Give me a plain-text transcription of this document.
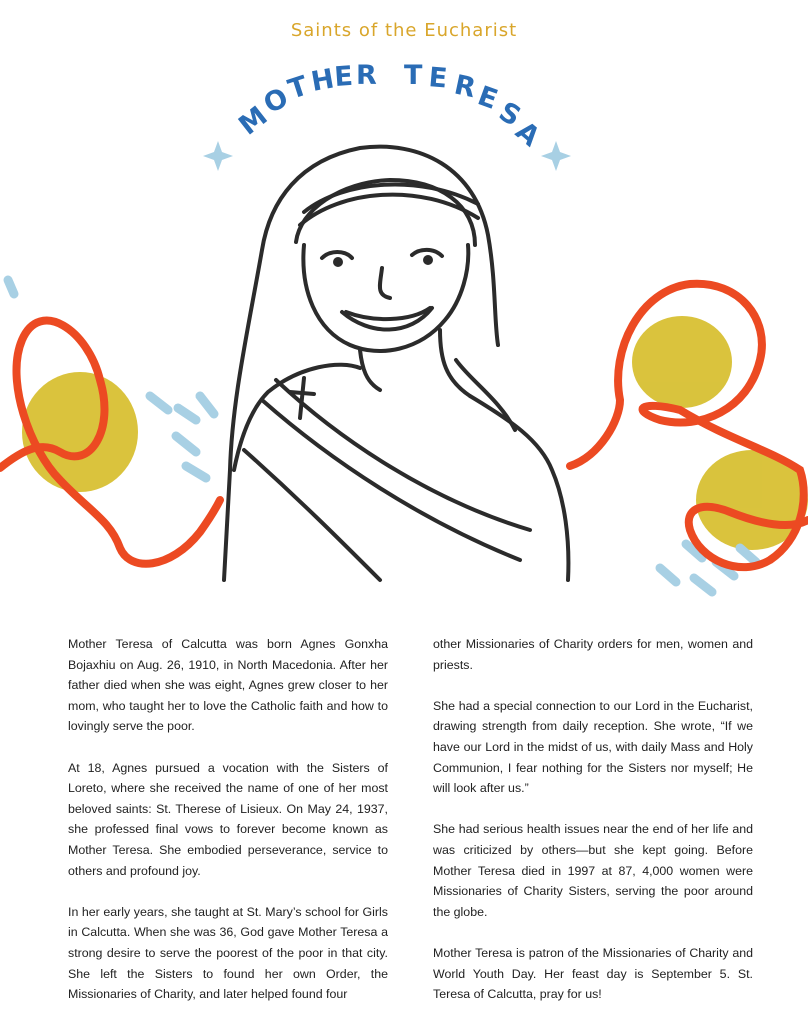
Saints of the Eucharist
M
O
T
H
E R T E R
E
S
A

Mother Teresa of Calcutta was born Agnes Gonxha Bojaxhiu on Aug. 26, 1910, in North Macedonia. After her father died when she was eight, Agnes grew closer to her mom, who taught her to love the Catholic faith and how to lovingly serve the poor.

At 18, Agnes pursued a vocation with the Sisters of Loreto, where she received the name of one of her most beloved saints: St. Therese of Lisieux. On May 24, 1937, she professed final vows to forever become known as Mother Teresa. She embodied perseverance, service to others and profound joy.

In her early years, she taught at St. Mary’s school for Girls in Calcutta. When she was 36, God gave Mother Teresa a strong desire to serve the poorest of the poor in that city. She left the Sisters to found her own Order, the Missionaries of Charity, and later helped found four

other Missionaries of Charity orders for men, women and priests.

She had a special connection to our Lord in the Eucharist, drawing strength from daily reception. She wrote, “If we have our Lord in the midst of us, with daily Mass and Holy Communion, I fear nothing for the Sisters nor myself; He will look after us.”

She had serious health issues near the end of her life and was criticized by others—but she kept going. Before Mother Teresa died in 1997 at 87, 4,000 women were Missionaries of Charity Sisters, serving the poor around the globe.

Mother Teresa is patron of the Missionaries of Charity and World Youth Day. Her feast day is September 5. St. Teresa of Calcutta, pray for us!
